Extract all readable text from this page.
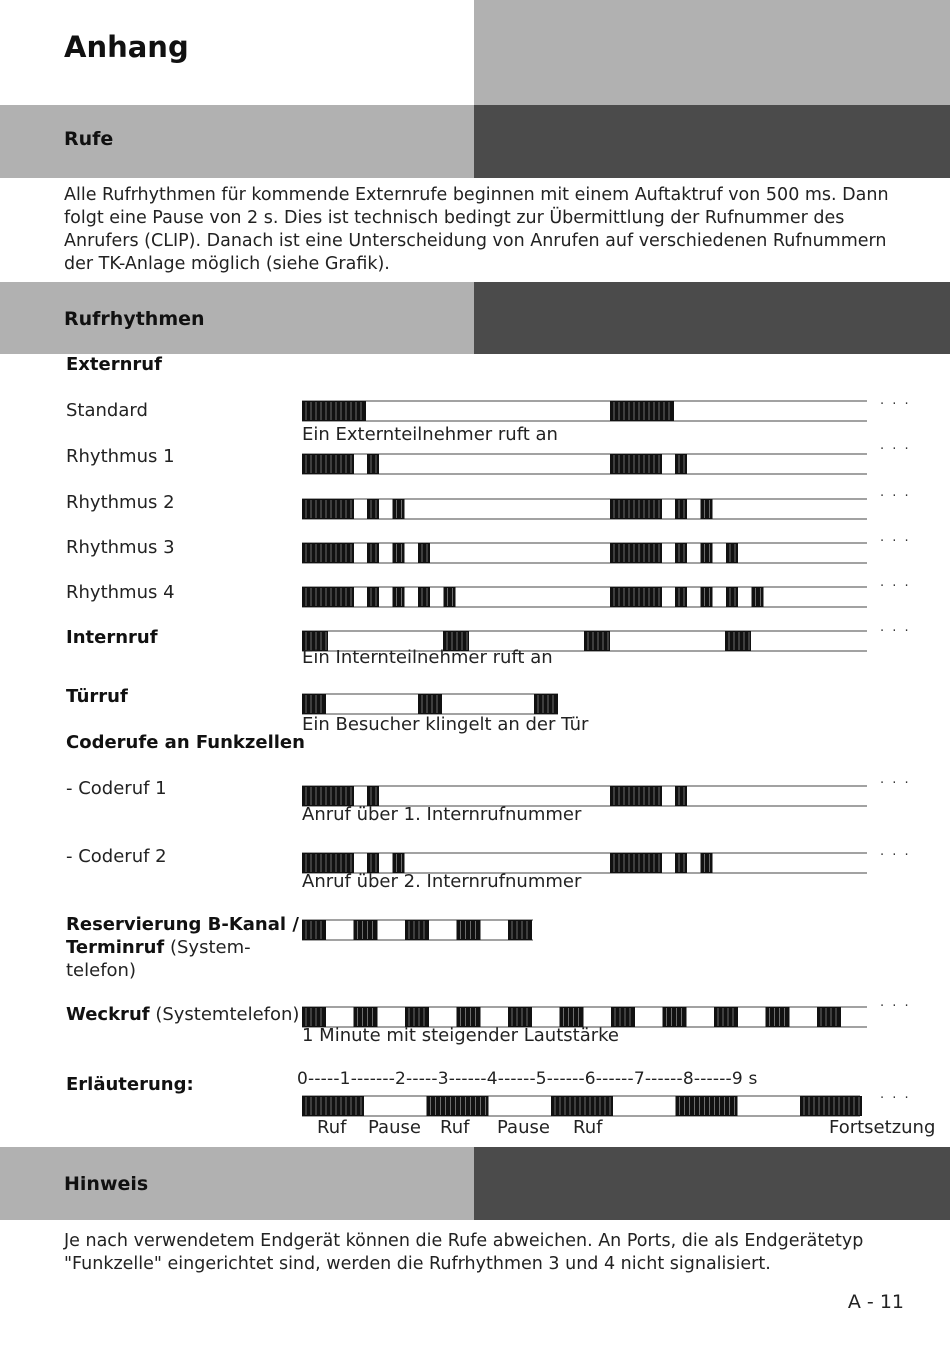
Anhang
Rufe

Alle Rufrhythmen für kommende Externrufe beginnen mit einem Auftaktruf von 500 ms. Dann folgt eine Pause von 2 s. Dies ist technisch bedingt zur Übermittlung der Rufnummer des Anrufers (CLIP). Danach ist eine Unterscheidung von Anrufen auf verschiedenen Rufnummern der TK-Anlage möglich (siehe Grafik).

Rufrhythmen
Externruf
Standard	· · ·
Ein Externteilnehmer ruft an
Rhythmus 1	· · ·
Rhythmus 2	· · ·
Rhythmus 3	· · ·
Rhythmus 4	· · ·
Internruf	· · ·
Ein Internteilnehmer ruft an
Türruf
Ein Besucher klingelt an der Tür
Coderufe an Funkzellen
- Coderuf 1	· · ·
Anruf über 1. Internrufnummer
- Coderuf 2	· · ·
Anruf über 2. Internrufnummer
Reservierung B-Kanal /
Terminruf (System-
telefon)
Weckruf (Systemtelefon)	· · ·
1 Minute mit steigender Lautstärke
Erläuterung:	0-----1-------2-----3------4------5------6------7------8------9 s
· · ·
Ruf Pause Ruf Pause Ruf	Fortsetzung
Hinweis

Je nach verwendetem Endgerät können die Rufe abweichen. An Ports, die als Endgerätetyp "Funkzelle" eingerichtet sind, werden die Rufrhythmen 3 und 4 nicht signalisiert.

A - 11
